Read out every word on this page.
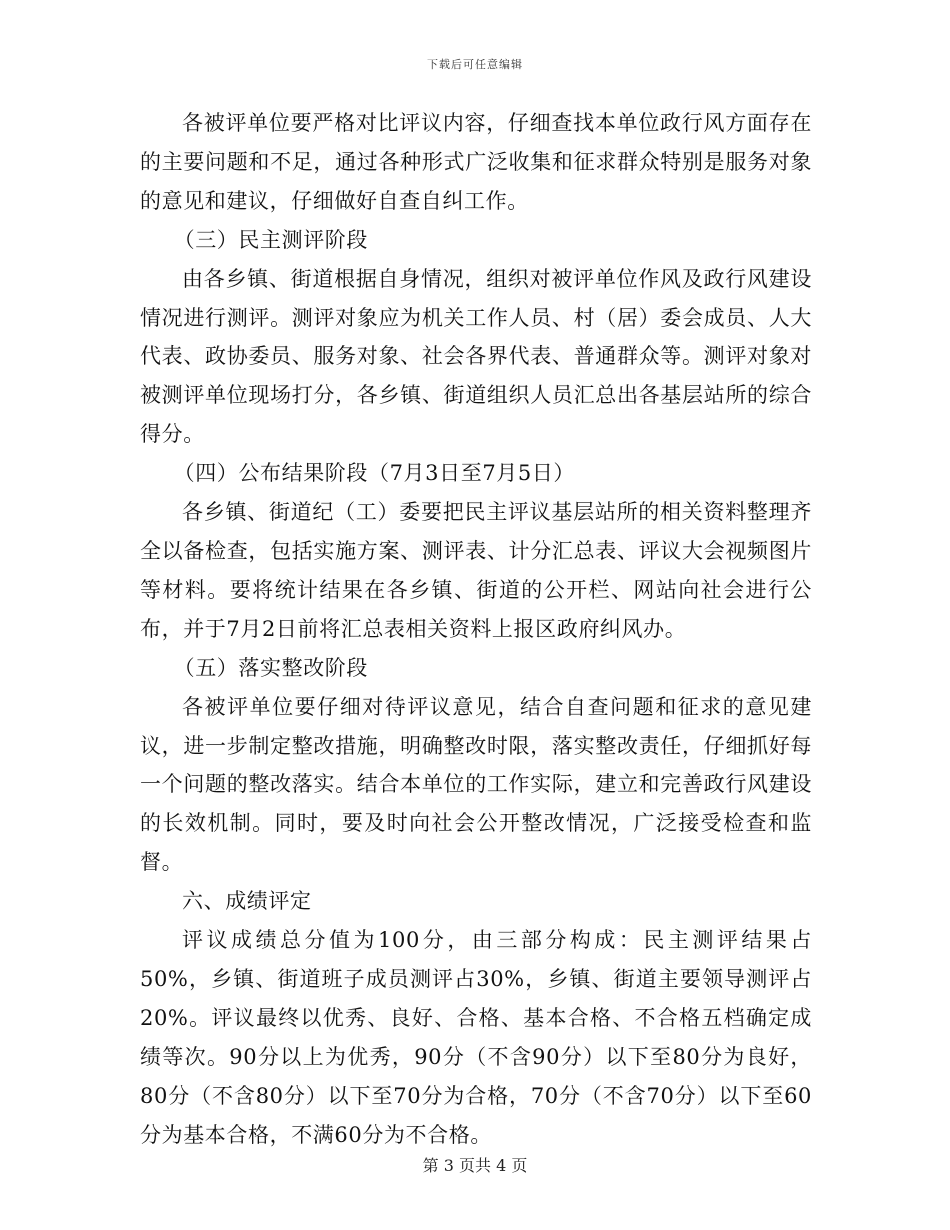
下载后可任意编辑

各被评单位要严格对比评议内容，仔细查找本单位政行风方面存在的主要问题和不足，通过各种形式广泛收集和征求群众特别是服务对象的意见和建议，仔细做好自查自纠工作。

（三）民主测评阶段

由各乡镇、街道根据自身情况，组织对被评单位作风及政行风建设情况进行测评。测评对象应为机关工作人员、村（居）委会成员、人大代表、政协委员、服务对象、社会各界代表、普通群众等。测评对象对被测评单位现场打分，各乡镇、街道组织人员汇总出各基层站所的综合得分。

（四）公布结果阶段（7月3日至7月5日）

各乡镇、街道纪（工）委要把民主评议基层站所的相关资料整理齐全以备检查，包括实施方案、测评表、计分汇总表、评议大会视频图片等材料。要将统计结果在各乡镇、街道的公开栏、网站向社会进行公布，并于7月2日前将汇总表相关资料上报区政府纠风办。

（五）落实整改阶段

各被评单位要仔细对待评议意见，结合自查问题和征求的意见建议，进一步制定整改措施，明确整改时限，落实整改责任，仔细抓好每一个问题的整改落实。结合本单位的工作实际，建立和完善政行风建设的长效机制。同时，要及时向社会公开整改情况，广泛接受检查和监督。

六、成绩评定

评议成绩总分值为100分，由三部分构成：民主测评结果占50%，乡镇、街道班子成员测评占30%，乡镇、街道主要领导测评占20%。评议最终以优秀、良好、合格、基本合格、不合格五档确定成绩等次。90分以上为优秀，90分（不含90分）以下至80分为良好，80分（不含80分）以下至70分为合格，70分（不含70分）以下至60分为基本合格，不满60分为不合格。

第 3 页共 4 页
